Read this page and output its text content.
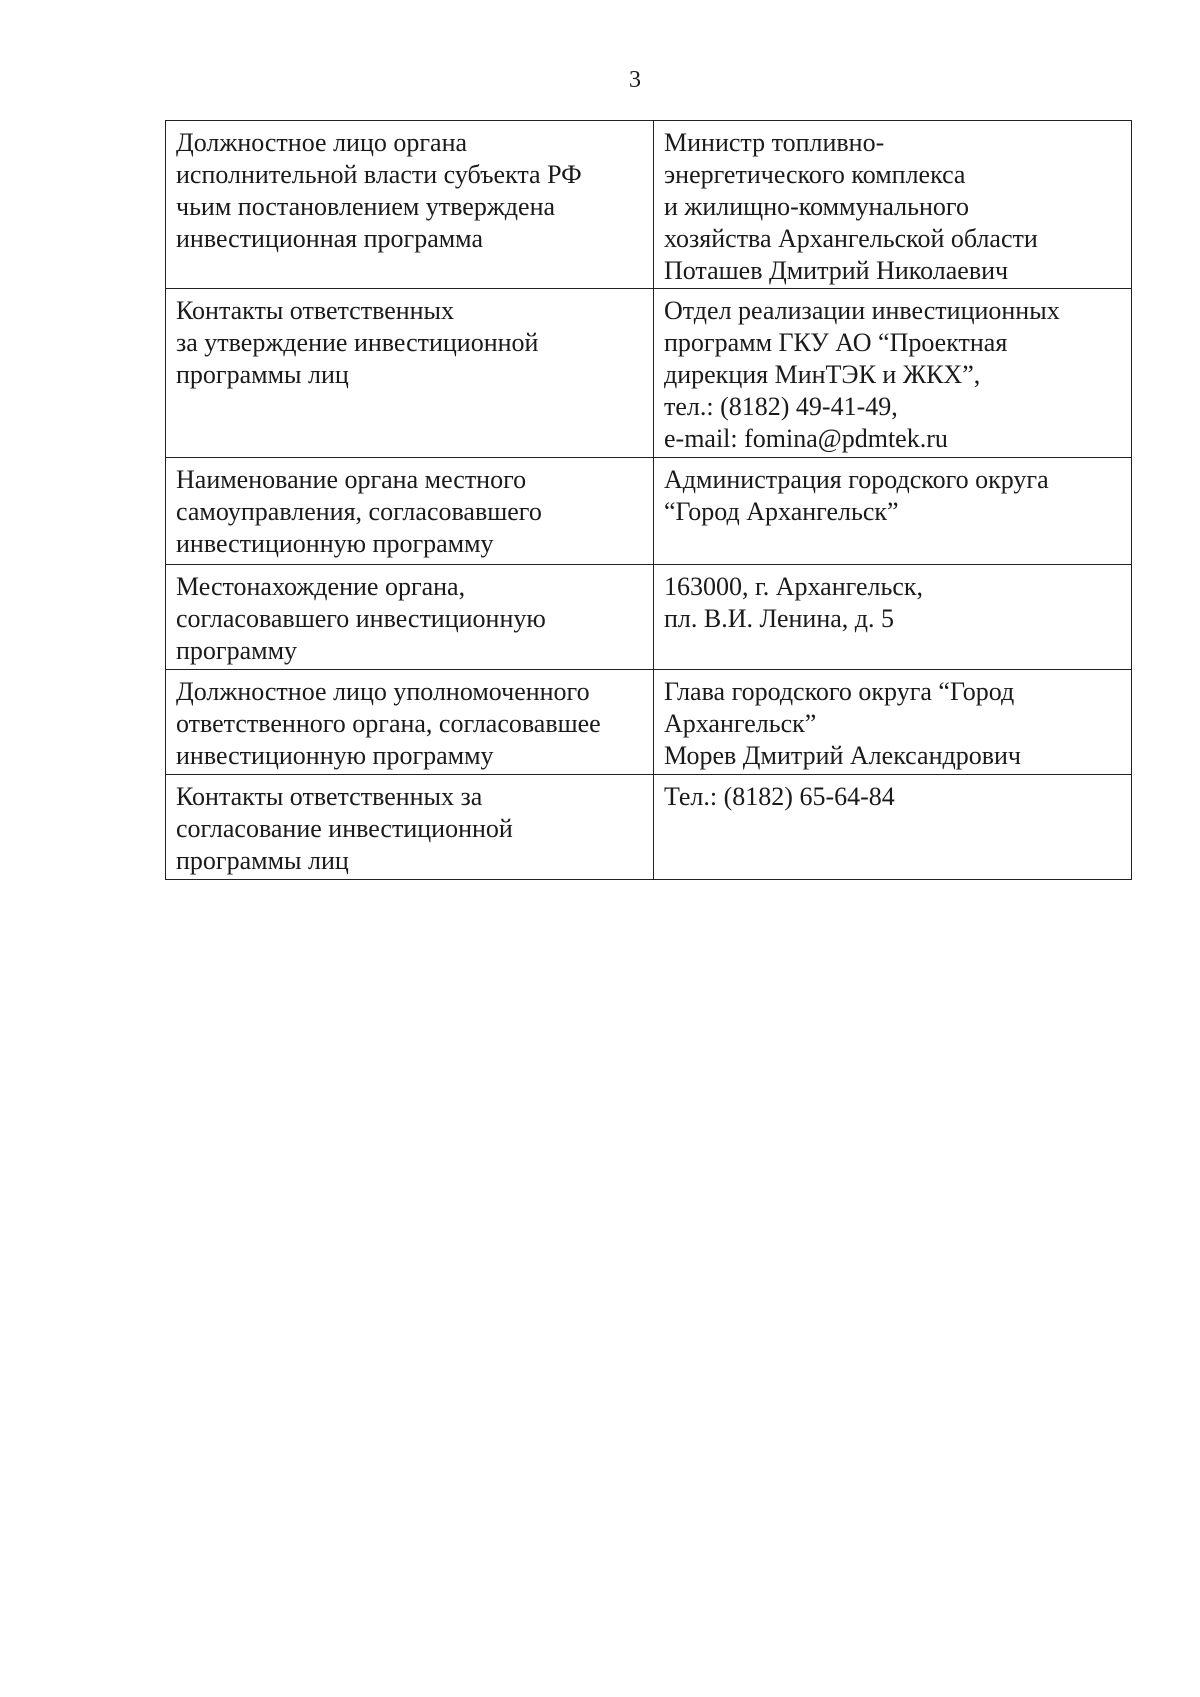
3
Должностное лицо органа
исполнительной власти субъекта РФ
чьим постановлением утверждена
инвестиционная программа	Министр топливно-
энергетического комплекса
и жилищно-коммунального
хозяйства Архангельской области
Поташев Дмитрий Николаевич

Контакты ответственных
за утверждение инвестиционной
программы лиц	Отдел реализации инвестиционных
программ ГКУ АО “Проектная
дирекция МинТЭК и ЖКХ”,
тел.: (8182) 49-41-49,
e-mail: fomina@pdmtek.ru

Наименование органа местного
самоуправления, согласовавшего
инвестиционную программу	Администрация городского округа
“Город Архангельск”

Местонахождение органа,
согласовавшего инвестиционную
программу	163000, г. Архангельск,
пл. В.И. Ленина, д. 5

Должностное лицо уполномоченного
ответственного органа, согласовавшее
инвестиционную программу	Глава городского округа “Город
Архангельск”
Морев Дмитрий Александрович

Контакты ответственных за
согласование инвестиционной
программы лиц	Тел.: (8182) 65-64-84
